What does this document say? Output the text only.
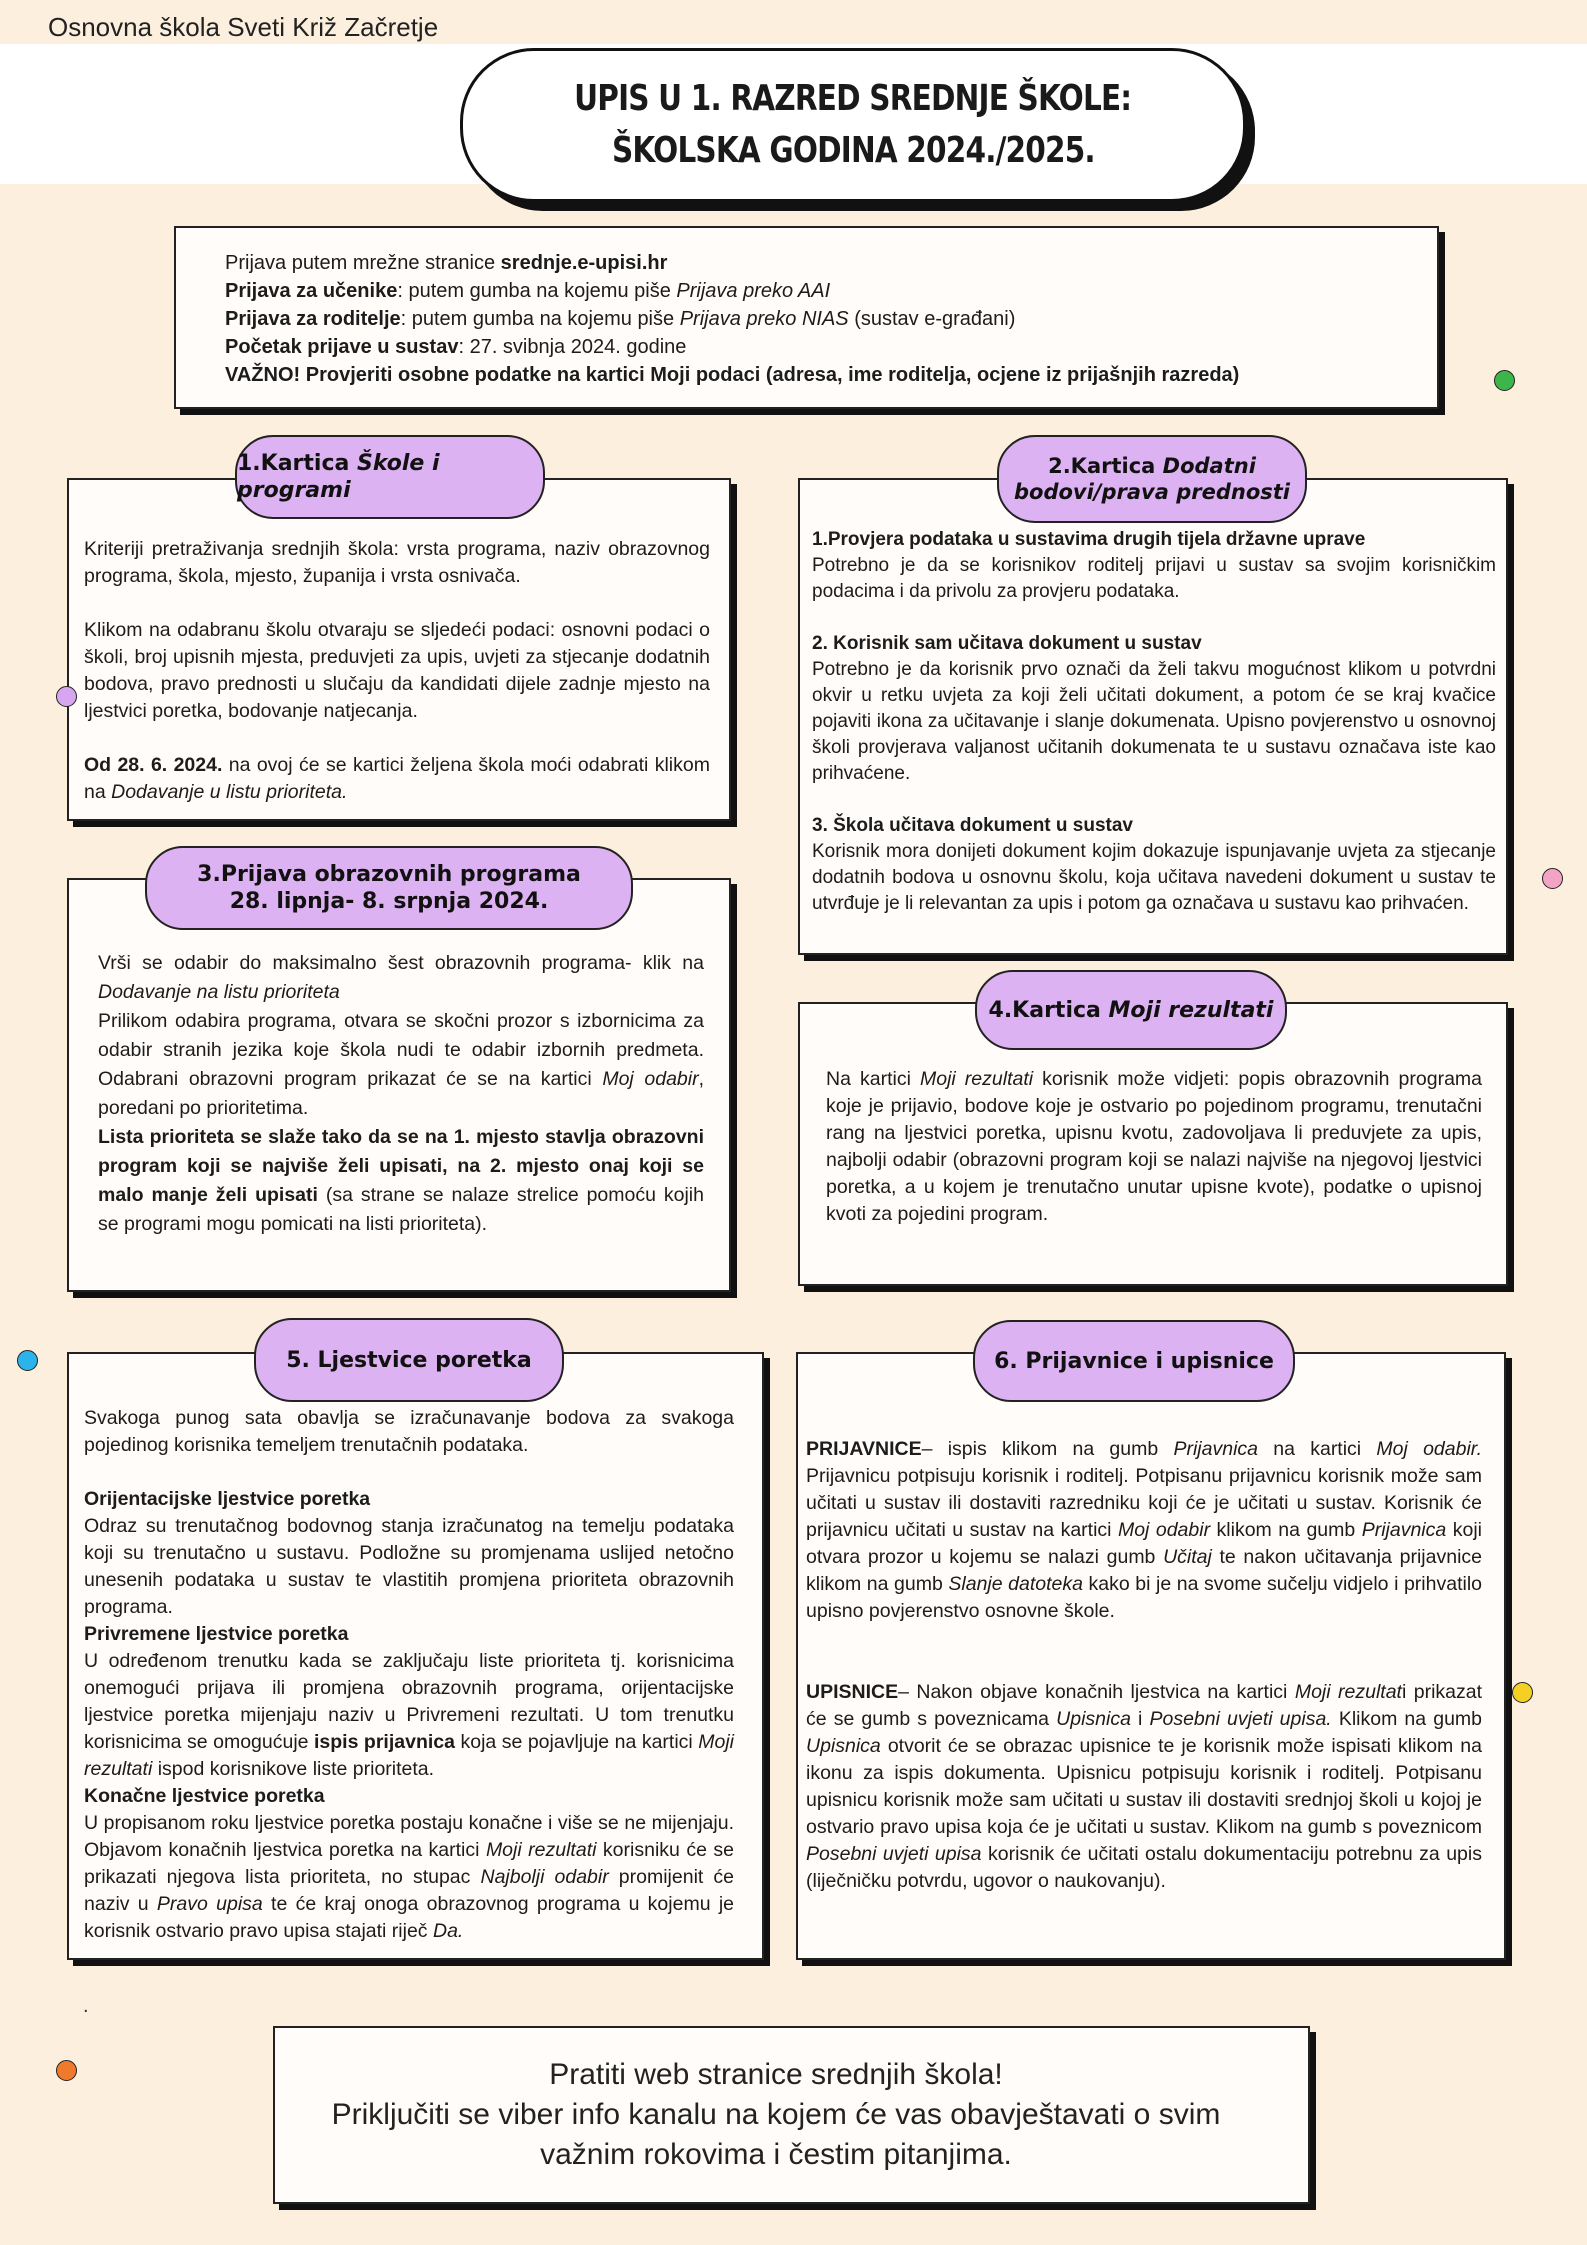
Osnovna škola Sveti Križ Začretje
UPIS U 1. RAZRED SREDNJE ŠKOLE:
ŠKOLSKA GODINA 2024./2025.

Prijava putem mrežne stranice srednje.e-upisi.hr

Prijava za učenike: putem gumba na kojemu piše Prijava preko AAI

Prijava za roditelje: putem gumba na kojemu piše Prijava preko NIAS (sustav e-građani)

Početak prijave u sustav: 27. svibnja 2024. godine

VAŽNO! Provjeriti osobne podatke na kartici Moji podaci (adresa, ime roditelja, ocjene iz prijašnjih razreda)

1.Kartica Škole i programi

Kriteriji pretraživanja srednjih škola: vrsta programa, naziv obrazovnog programa, škola, mjesto, županija i vrsta osnivača.

Klikom na odabranu školu otvaraju se sljedeći podaci: osnovni podaci o školi, broj upisnih mjesta, preduvjeti za upis, uvjeti za stjecanje dodatnih bodova, pravo prednosti u slučaju da kandidati dijele zadnje mjesto na ljestvici poretka, bodovanje natjecanja.

Od 28. 6. 2024. na ovoj će se kartici željena škola moći odabrati klikom na Dodavanje u listu prioriteta.

2.Kartica Dodatni
bodovi/prava prednosti

1.Provjera podataka u sustavima drugih tijela državne uprave

Potrebno je da se korisnikov roditelj prijavi u sustav sa svojim korisničkim podacima i da privolu za provjeru podataka.

2. Korisnik sam učitava dokument u sustav

Potrebno je da korisnik prvo označi da želi takvu mogućnost klikom u potvrdni okvir u retku uvjeta za koji želi učitati dokument, a potom će se kraj kvačice pojaviti ikona za učitavanje i slanje dokumenata. Upisno povjerenstvo u osnovnoj školi provjerava valjanost učitanih dokumenata te u sustavu označava iste kao prihvaćene.

3. Škola učitava dokument u sustav

Korisnik mora donijeti dokument kojim dokazuje ispunjavanje uvjeta za stjecanje dodatnih bodova u osnovnu školu, koja učitava navedeni dokument u sustav te utvrđuje je li relevantan za upis i potom ga označava u sustavu kao prihvaćen.

3.Prijava obrazovnih programa
28. lipnja- 8. srpnja 2024.

Vrši se odabir do maksimalno šest obrazovnih programa- klik na Dodavanje na listu prioriteta

Prilikom odabira programa, otvara se skočni prozor s izbornicima za odabir stranih jezika koje škola nudi te odabir izbornih predmeta. Odabrani obrazovni program prikazat će se na kartici Moj odabir, poredani po prioritetima.

Lista prioriteta se slaže tako da se na 1. mjesto stavlja obrazovni program koji se najviše želi upisati, na 2. mjesto onaj koji se malo manje želi upisati (sa strane se nalaze strelice pomoću kojih se programi mogu pomicati na listi prioriteta).

4.Kartica Moji rezultati

Na kartici Moji rezultati korisnik može vidjeti: popis obrazovnih programa koje je prijavio, bodove koje je ostvario po pojedinom programu, trenutačni rang na ljestvici poretka, upisnu kvotu, zadovoljava li preduvjete za upis, najbolji odabir (obrazovni program koji se nalazi najviše na njegovoj ljestvici poretka, a u kojem je trenutačno unutar upisne kvote), podatke o upisnoj kvoti za pojedini program.

5. Ljestvice poretka

Svakoga punog sata obavlja se izračunavanje bodova za svakoga pojedinog korisnika temeljem trenutačnih podataka.

Orijentacijske ljestvice poretka

Odraz su trenutačnog bodovnog stanja izračunatog na temelju podataka koji su trenutačno u sustavu. Podložne su promjenama uslijed netočno unesenih podataka u sustav te vlastitih promjena prioriteta obrazovnih programa.

Privremene ljestvice poretka

U određenom trenutku kada se zaključaju liste prioriteta tj. korisnicima onemogući prijava ili promjena obrazovnih programa, orijentacijske ljestvice poretka mijenjaju naziv u Privremeni rezultati. U tom trenutku korisnicima se omogućuje ispis prijavnica koja se pojavljuje na kartici Moji rezultati ispod korisnikove liste prioriteta.

Konačne ljestvice poretka

U propisanom roku ljestvice poretka postaju konačne i više se ne mijenjaju. Objavom konačnih ljestvica poretka na kartici Moji rezultati korisniku će se prikazati njegova lista prioriteta, no stupac Najbolji odabir promijenit će naziv u Pravo upisa te će kraj onoga obrazovnog programa u kojemu je korisnik ostvario pravo upisa stajati riječ Da.

6. Prijavnice i upisnice

PRIJAVNICE– ispis klikom na gumb Prijavnica na kartici Moj odabir. Prijavnicu potpisuju korisnik i roditelj. Potpisanu prijavnicu korisnik može sam učitati u sustav ili dostaviti razredniku koji će je učitati u sustav. Korisnik će prijavnicu učitati u sustav na kartici Moj odabir klikom na gumb Prijavnica koji otvara prozor u kojemu se nalazi gumb Učitaj te nakon učitavanja prijavnice klikom na gumb Slanje datoteka kako bi je na svome sučelju vidjelo i prihvatilo upisno povjerenstvo osnovne škole.

UPISNICE– Nakon objave konačnih ljestvica na kartici Moji rezultati prikazat će se gumb s poveznicama Upisnica i Posebni uvjeti upisa. Klikom na gumb Upisnica otvorit će se obrazac upisnice te je korisnik može ispisati klikom na ikonu za ispis dokumenta. Upisnicu potpisuju korisnik i roditelj. Potpisanu upisnicu korisnik može sam učitati u sustav ili dostaviti srednjoj školi u kojoj je ostvario pravo upisa koja će je učitati u sustav. Klikom na gumb s poveznicom Posebni uvjeti upisa korisnik će učitati ostalu dokumentaciju potrebnu za upis (liječničku potvrdu, ugovor o naukovanju).

.
Pratiti web stranice srednjih škola!
Priključiti se viber info kanalu na kojem će vas obavještavati o svim
važnim rokovima i čestim pitanjima.
